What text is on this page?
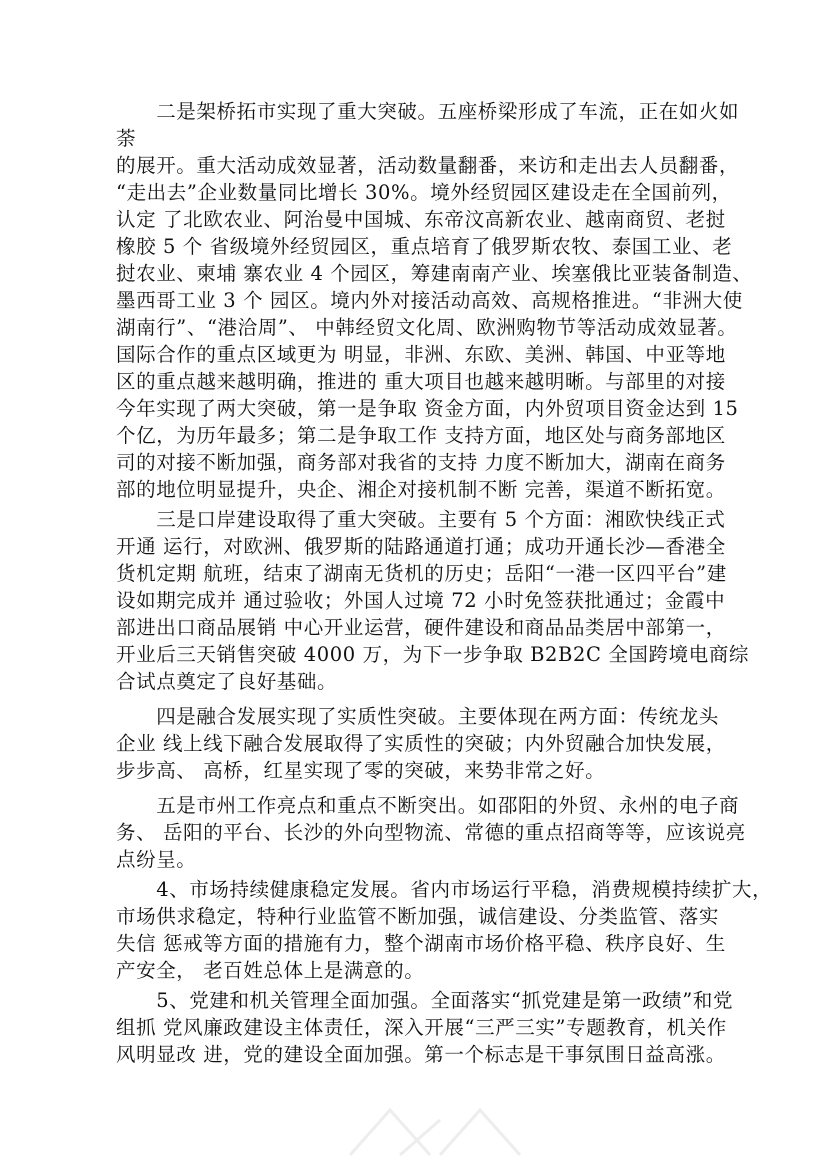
　　二是架桥拓市实现了重大突破。五座桥梁形成了车流，正在如火如
荼
的展开。重大活动成效显著，活动数量翻番，来访和走出去人员翻番，
“走出去”企业数量同比增长 30%。境外经贸园区建设走在全国前列，
认定 了北欧农业、阿治曼中国城、东帝汶高新农业、越南商贸、老挝
橡胶 5 个 省级境外经贸园区，重点培育了俄罗斯农牧、泰国工业、老
挝农业、柬埔 寨农业 4 个园区，筹建南南产业、埃塞俄比亚装备制造、
墨西哥工业 3 个 园区。境内外对接活动高效、高规格推进。“非洲大使
湖南行”、“港洽周”、 中韩经贸文化周、欧洲购物节等活动成效显著。
国际合作的重点区域更为 明显，非洲、东欧、美洲、韩国、中亚等地
区的重点越来越明确，推进的 重大项目也越来越明晰。与部里的对接
今年实现了两大突破，第一是争取 资金方面，内外贸项目资金达到 15
个亿，为历年最多；第二是争取工作 支持方面，地区处与商务部地区
司的对接不断加强，商务部对我省的支持 力度不断加大，湖南在商务
部的地位明显提升，央企、湘企对接机制不断 完善，渠道不断拓宽。
　　三是口岸建设取得了重大突破。主要有 5 个方面：湘欧快线正式
开通 运行，对欧洲、俄罗斯的陆路通道打通；成功开通长沙—香港全
货机定期 航班，结束了湖南无货机的历史；岳阳“一港一区四平台”建
设如期完成并 通过验收；外国人过境 72 小时免签获批通过；金霞中
部进出口商品展销 中心开业运营，硬件建设和商品品类居中部第一，
开业后三天销售突破 4000 万，为下一步争取 B2B2C 全国跨境电商综
合试点奠定了良好基础。
　　四是融合发展实现了实质性突破。主要体现在两方面：传统龙头
企业 线上线下融合发展取得了实质性的突破；内外贸融合加快发展，
步步高、 高桥，红星实现了零的突破，来势非常之好。
　　五是市州工作亮点和重点不断突出。如邵阳的外贸、永州的电子商
务、 岳阳的平台、长沙的外向型物流、常德的重点招商等等，应该说亮
点纷呈。
　　4、市场持续健康稳定发展。省内市场运行平稳，消费规模持续扩大，
市场供求稳定，特种行业监管不断加强，诚信建设、分类监管、落实
失信 惩戒等方面的措施有力，整个湖南市场价格平稳、秩序良好、生
产安全， 老百姓总体上是满意的。
　　5、党建和机关管理全面加强。全面落实“抓党建是第一政绩”和党
组抓 党风廉政建设主体责任，深入开展“三严三实”专题教育，机关作
风明显改 进，党的建设全面加强。第一个标志是干事氛围日益高涨。
